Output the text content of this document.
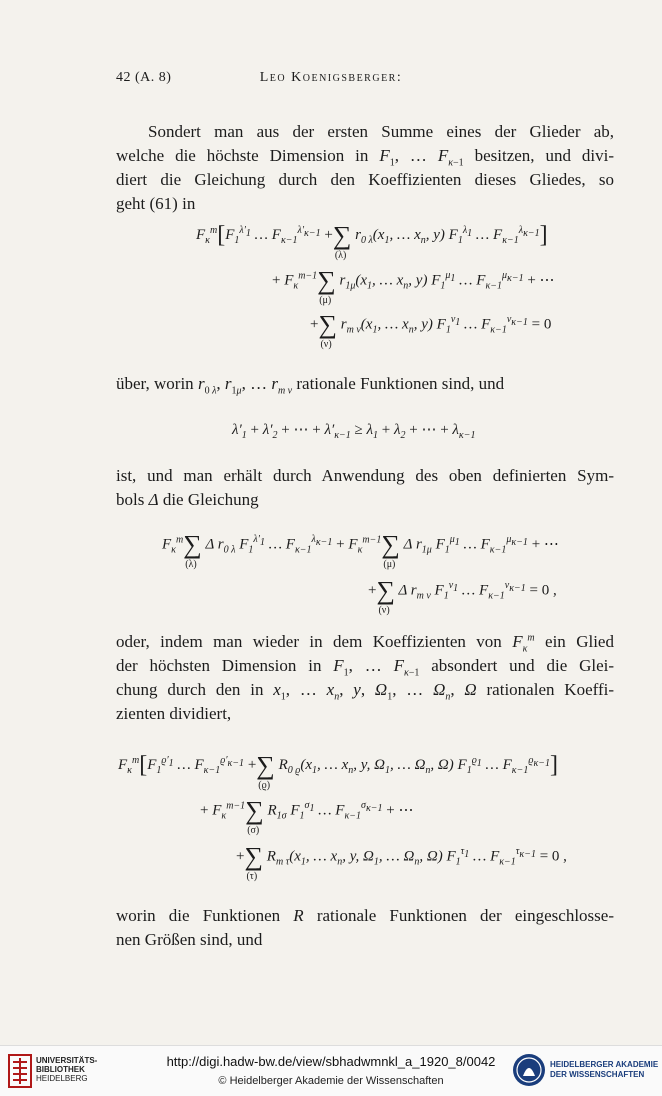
42 (A. 8)	Leo Koenigsberger:
Sondert man aus der ersten Summe eines der Glieder ab,
welche die höchste Dimension in $F_1$, … $F_{\kappa-1}$ besitzen, und divi-
diert die Gleichung durch den Koeffizienten dieses Gliedes, so
geht (61) in
$F_\kappa^m[F_1^{\lambda'_1}$ … $F_{\kappa-1}^{\lambda'_{\kappa-1}}$ +∑
(λ)
$r_{0 \lambda}(x_1$, … $x_n$, y) $F_1^{\lambda_1}$ … $F_{\kappa-1}^{\lambda_{\kappa-1}}$]
+ $F_\kappa^{m-1}\sum$
(μ)
$r_{1\mu}(x_1$, … $x_n$, y) $F_1^{\mu_1}$ … $F_{\kappa-1}^{\mu_{\kappa-1}}$ + ⋯
+∑
(ν)
$r_{m \nu}(x_1$, … $x_n$, y) $F_1^{\nu_1}$ … $F_{\kappa-1}^{\nu_{\kappa-1}} = 0$
über, worin $r_{0 \lambda}$, $r_{1\mu}$, … $r_{m \nu}$ rationale Funktionen sind, und
$\lambda'_1 + \lambda'_2$ + ⋯ + $\lambda'_{\kappa-1} \ge \lambda_1 + \lambda_2$ + ⋯ + $\lambda_{\kappa-1}$
ist, und man erhält durch Anwendung des oben definierten Sym-
bols Δ die Gleichung
$F_\kappa^m\sum$
(λ)
Δ $r_{0 \lambda}$ $F_1^{\lambda'_1}$ … $F_{\kappa-1}^{\lambda_{\kappa-1}} + F_\kappa^{m-1}\sum$
(μ)
Δ $r_{1\mu}$ $F_1^{\mu_1}$ … $F_{\kappa-1}^{\mu_{\kappa-1}}$ + ⋯
+∑
(ν)
Δ $r_{m \nu}$ $F_1^{\nu_1}$ … $F_{\kappa-1}^{\nu_{\kappa-1}} = 0$ ,
oder, indem man wieder in dem Koeffizienten von $F_\kappa^m$ ein Glied
der höchsten Dimension in $F_1$, … $F_{\kappa-1}$ absondert und die Glei-
chung durch den in $x_1$, … $x_n$, y, $\Omega_1$, … $\Omega_n$, Ω rationalen Koeffi-
zienten dividiert,
$F_\kappa^m[F_1^{ϱ'_1}$ … $F_{\kappa-1}^{ϱ'_{\kappa-1}}$ +∑
(ϱ)
$R_{0 ϱ}(x_1$, … $x_n$, y, $\Omega_1$, … $\Omega_n$, Ω) $F_1^{ϱ_1}$ … $F_{\kappa-1}^{ϱ_{\kappa-1}}$]
+ $F_\kappa^{m-1}\sum$
(σ)
$R_{1\sigma}$ $F_1^{\sigma_1}$ … $F_{\kappa-1}^{\sigma_{\kappa-1}}$ + ⋯
+∑
(τ)
$R_{m \tau}(x_1$, … $x_n$, y, $\Omega_1$, … $\Omega_n$, Ω) $F_1^{\tau_1}$ … $F_{\kappa-1}^{\tau_{\kappa-1}} = 0$ ,
worin die Funktionen R rationale Funktionen der eingeschlosse-
nen Größen sind, und
UNIVERSITÄTS-
BIBLIOTHEK
HEIDELBERG
http://digi.hadw-bw.de/view/sbhadwmnkl_a_1920_8/0042
© Heidelberger Akademie der Wissenschaften
HEIDELBERGER AKADEMIE
DER WISSENSCHAFTEN
